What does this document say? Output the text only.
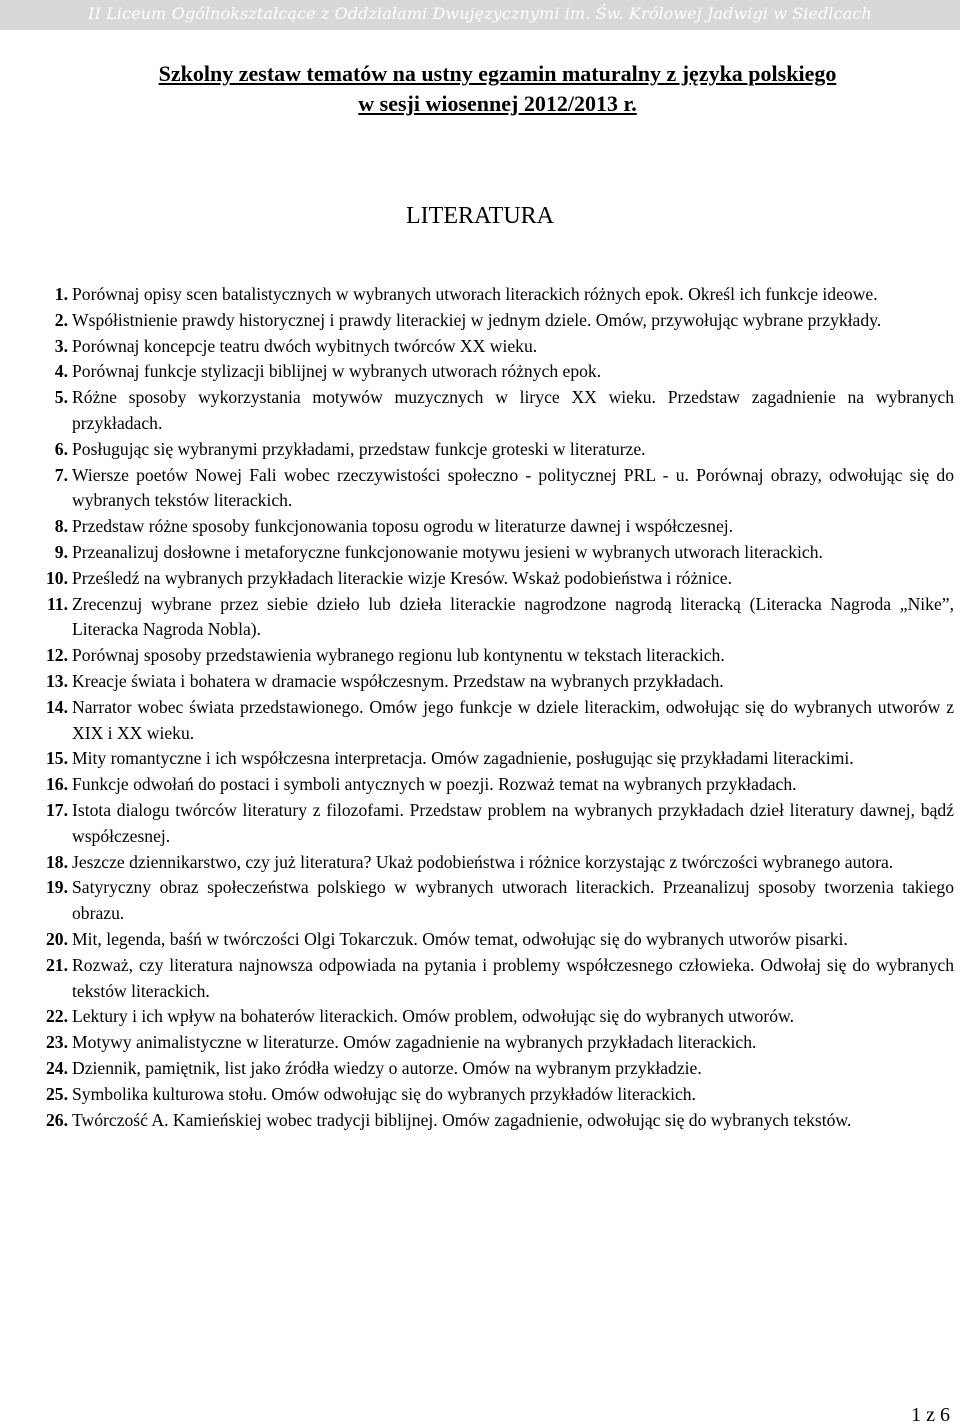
II Liceum Ogólnokształcące z Oddziałami Dwujęzycznymi im. Św. Królowej Jadwigi w Siedlcach
Szkolny zestaw tematów na ustny egzamin maturalny z języka polskiego
w sesji wiosennej 2012/2013 r.
LITERATURA
1. Porównaj opisy scen batalistycznych w wybranych utworach literackich różnych epok. Określ ich funkcje ideowe.
2. Współistnienie prawdy historycznej i prawdy literackiej w jednym dziele. Omów, przywołując wybrane przykłady.
3. Porównaj koncepcje teatru dwóch wybitnych twórców XX wieku.
4. Porównaj funkcje stylizacji biblijnej w wybranych utworach różnych epok.
5. Różne sposoby wykorzystania motywów muzycznych w liryce XX wieku. Przedstaw zagadnienie na wybranych przykładach.
6. Posługując się wybranymi przykładami, przedstaw funkcje groteski w literaturze.
7. Wiersze poetów Nowej Fali wobec rzeczywistości społeczno - politycznej PRL - u. Porównaj obrazy, odwołując się do wybranych tekstów literackich.
8. Przedstaw różne sposoby funkcjonowania toposu ogrodu w literaturze dawnej i współczesnej.
9. Przeanalizuj dosłowne i metaforyczne funkcjonowanie motywu jesieni w wybranych utworach literackich.
10. Prześledź na wybranych przykładach literackie wizje Kresów. Wskaż podobieństwa i różnice.
11. Zrecenzuj wybrane przez siebie dzieło lub dzieła literackie nagrodzone nagrodą literacką (Literacka Nagroda „Nike”, Literacka Nagroda Nobla).
12. Porównaj sposoby przedstawienia wybranego regionu lub kontynentu w tekstach literackich.
13. Kreacje świata i bohatera w dramacie współczesnym. Przedstaw na wybranych przykładach.
14. Narrator wobec świata przedstawionego. Omów jego funkcje w dziele literackim, odwołując się do wybranych utworów z XIX i XX wieku.
15. Mity romantyczne i ich współczesna interpretacja. Omów zagadnienie, posługując się przykładami literackimi.
16. Funkcje odwołań do postaci i symboli antycznych w poezji. Rozważ temat na wybranych przykładach.
17. Istota dialogu twórców literatury z filozofami. Przedstaw problem na wybranych przykładach dzieł literatury dawnej, bądź współczesnej.
18. Jeszcze dziennikarstwo, czy już literatura? Ukaż podobieństwa i różnice korzystając z twórczości wybranego autora.
19. Satyryczny obraz społeczeństwa polskiego w wybranych utworach literackich. Przeanalizuj sposoby tworzenia takiego obrazu.
20. Mit, legenda, baśń w twórczości Olgi Tokarczuk. Omów temat, odwołując się do wybranych utworów pisarki.
21. Rozważ, czy literatura najnowsza odpowiada na pytania i problemy współczesnego człowieka. Odwołaj się do wybranych tekstów literackich.
22. Lektury i ich wpływ na bohaterów literackich. Omów problem, odwołując się do wybranych utworów.
23. Motywy animalistyczne w literaturze. Omów zagadnienie na wybranych przykładach literackich.
24. Dziennik, pamiętnik, list jako źródła wiedzy o autorze. Omów na wybranym przykładzie.
25. Symbolika kulturowa stołu. Omów odwołując się do wybranych przykładów literackich.
26. Twórczość A. Kamieńskiej wobec tradycji biblijnej. Omów zagadnienie, odwołując się do wybranych tekstów.
1 z 6
